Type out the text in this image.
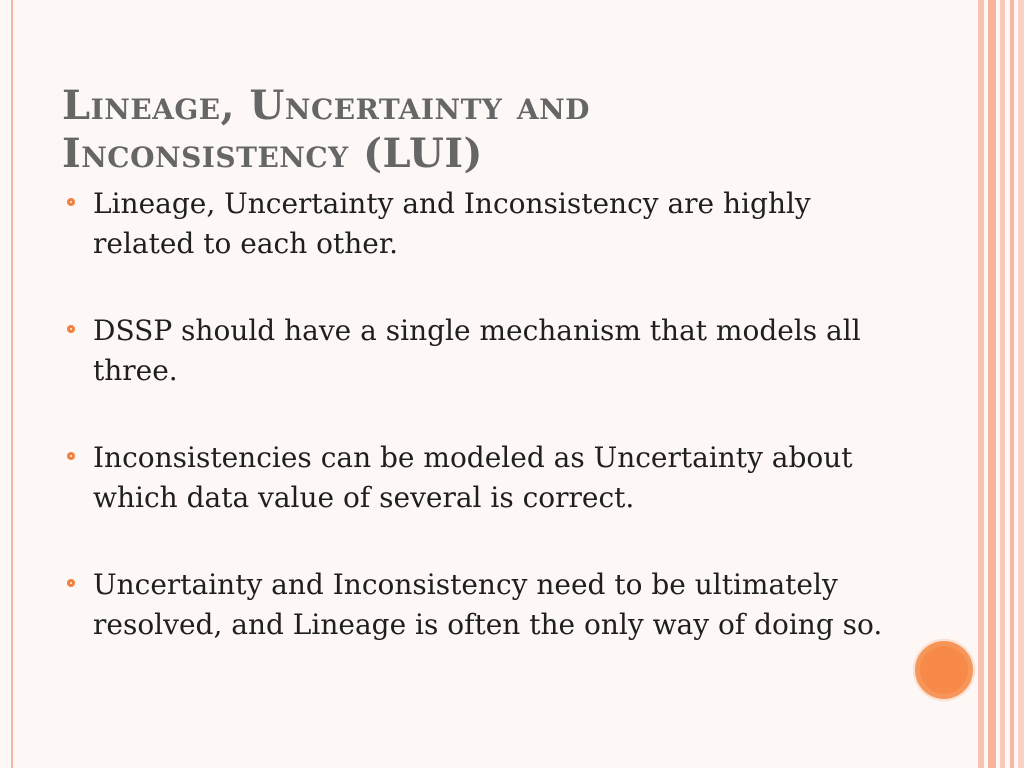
Lineage, Uncertainty and
Inconsistency (LUI)
Lineage, Uncertainty and Inconsistency are highly related to each other.
DSSP should have a single mechanism that models all three.
Inconsistencies can be modeled as Uncertainty about which data value of several is correct.
Uncertainty and Inconsistency need to be ultimately resolved, and Lineage is often the only way of doing so.
